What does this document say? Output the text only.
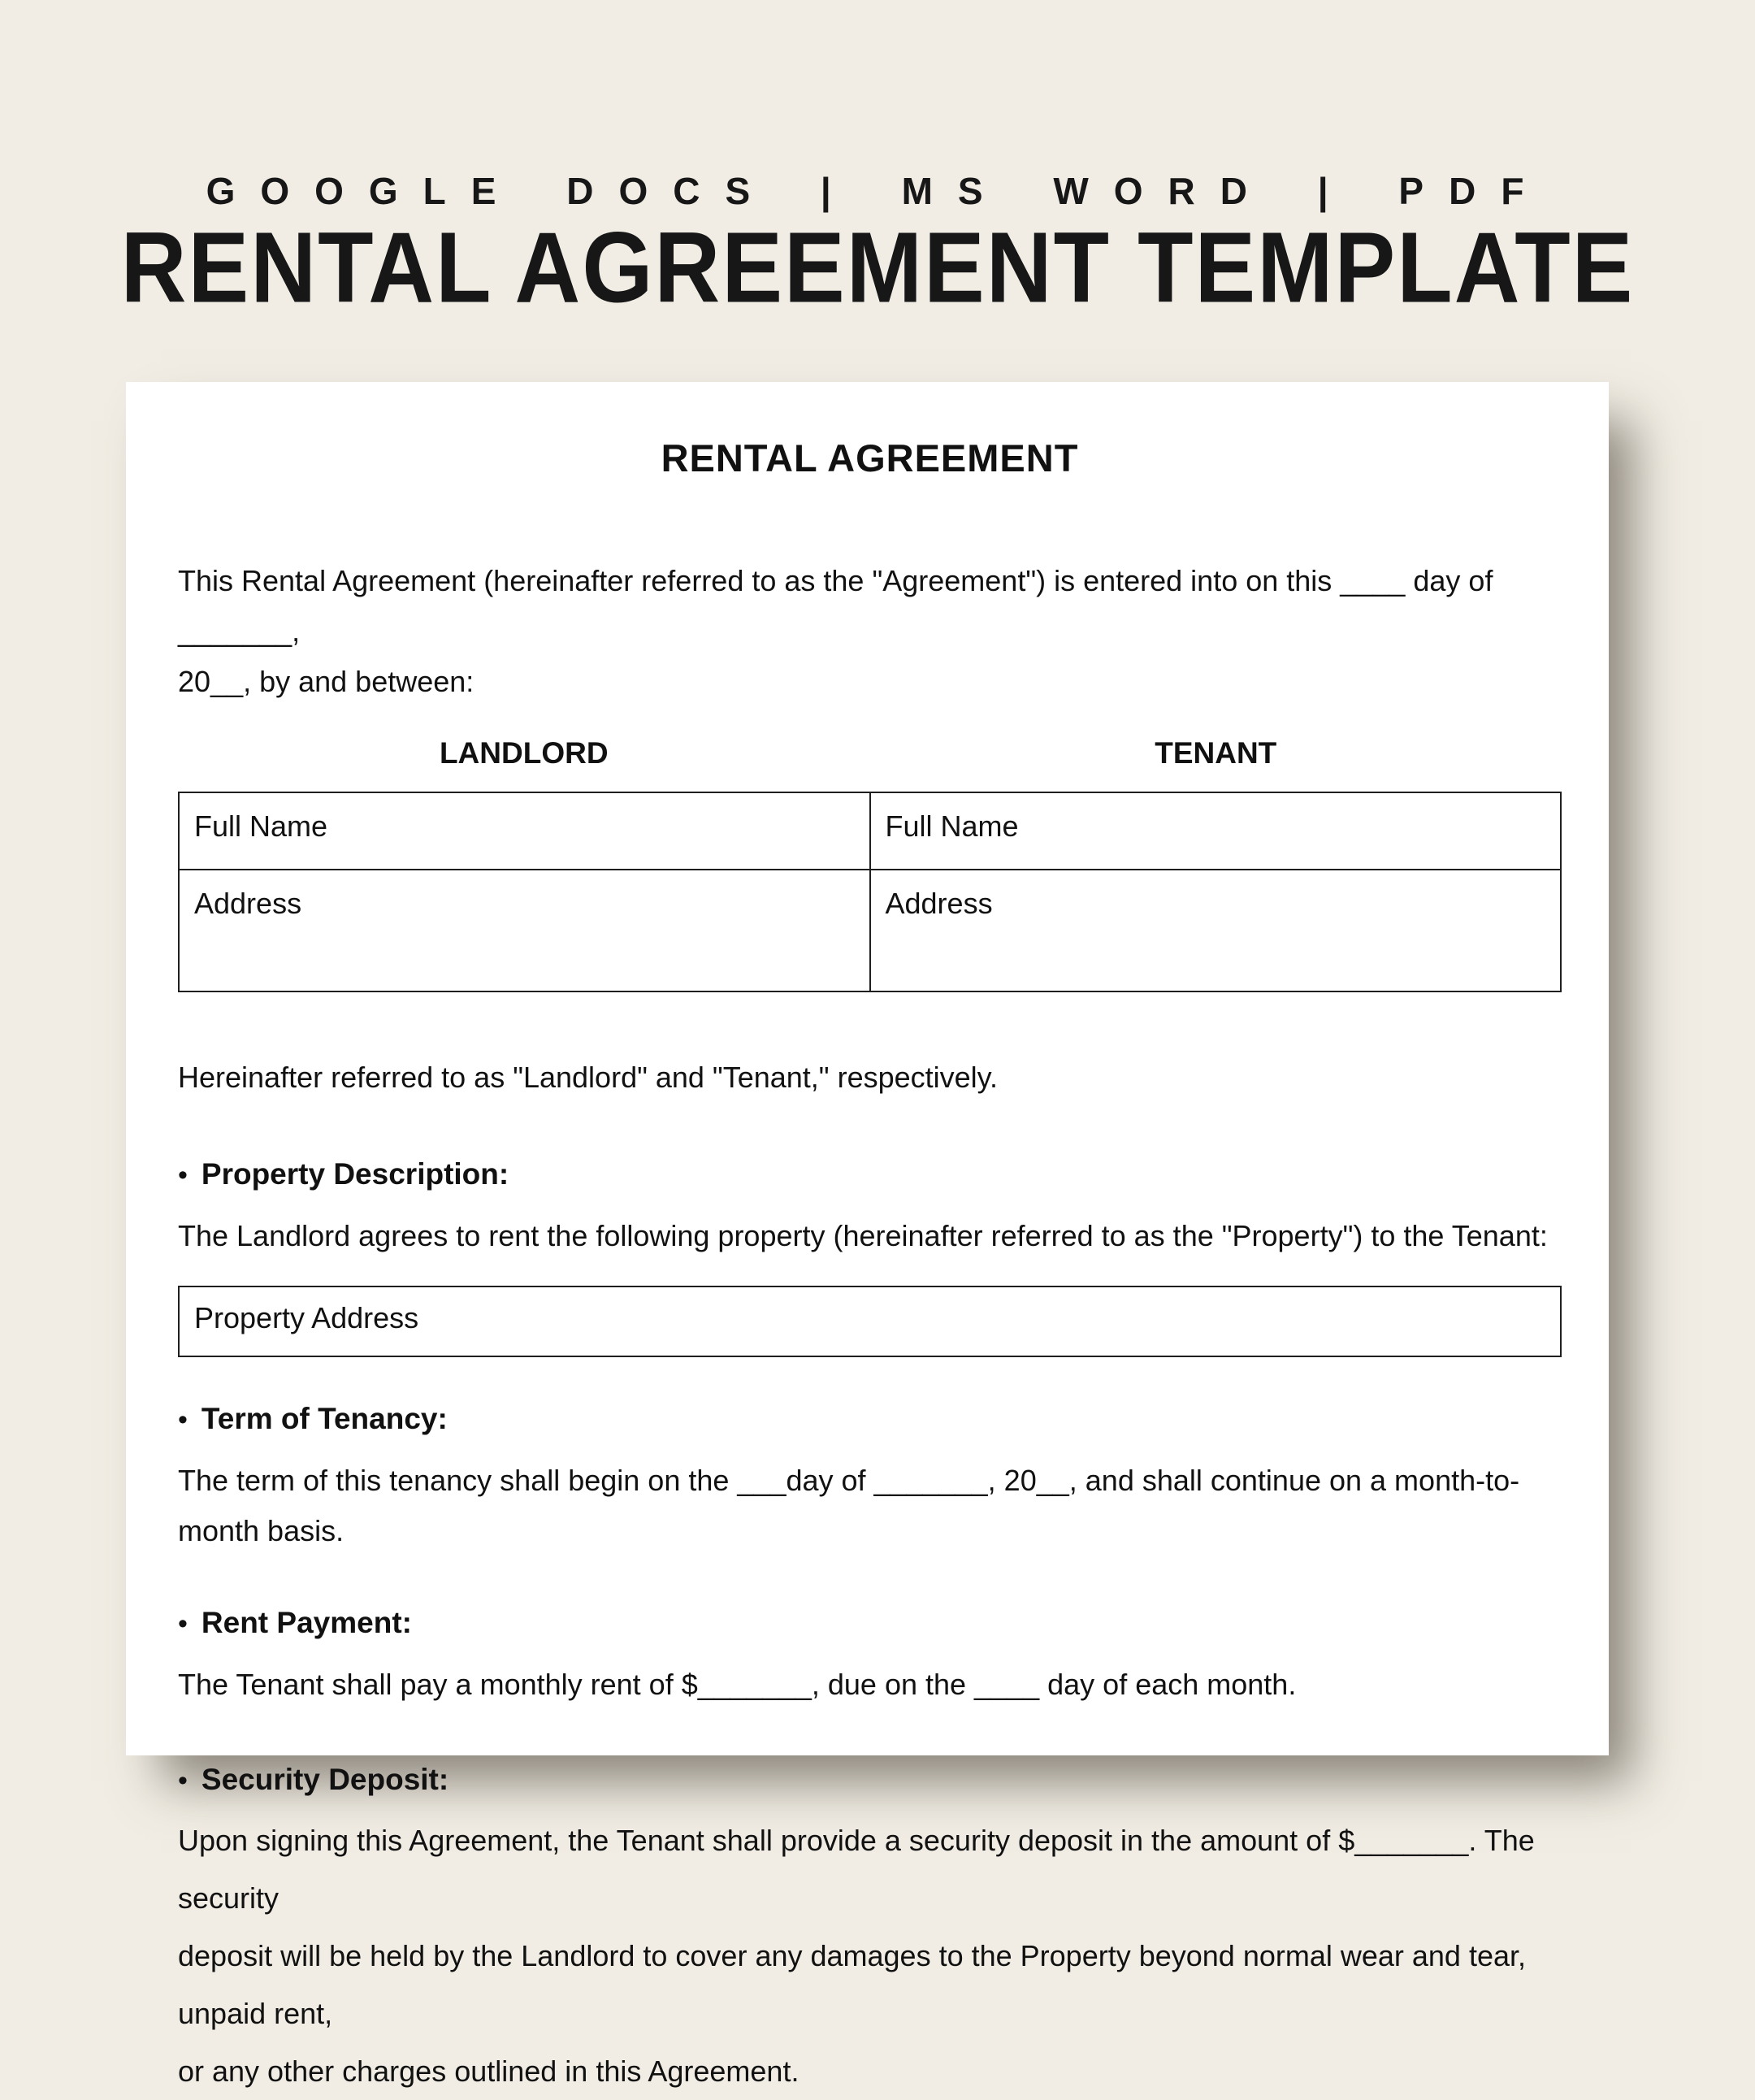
GOOGLE DOCS | MS WORD | PDF
RENTAL AGREEMENT TEMPLATE
RENTAL AGREEMENT

This Rental Agreement (hereinafter referred to as the "Agreement") is entered into on this ____ day of _______,
20__, by and between:

LANDLORD	TENANT
Full Name	Full Name
Address	Address

Hereinafter referred to as "Landlord" and "Tenant," respectively.

• Property Description:

The Landlord agrees to rent the following property (hereinafter referred to as the "Property") to the Tenant:

Property Address
• Term of Tenancy:

The term of this tenancy shall begin on the ___day of _______, 20__, and shall continue on a month-to-month basis.

• Rent Payment:

The Tenant shall pay a monthly rent of $_______, due on the ____ day of each month.

• Security Deposit:

Upon signing this Agreement, the Tenant shall provide a security deposit in the amount of $_______. The security
deposit will be held by the Landlord to cover any damages to the Property beyond normal wear and tear, unpaid rent,
or any other charges outlined in this Agreement.
